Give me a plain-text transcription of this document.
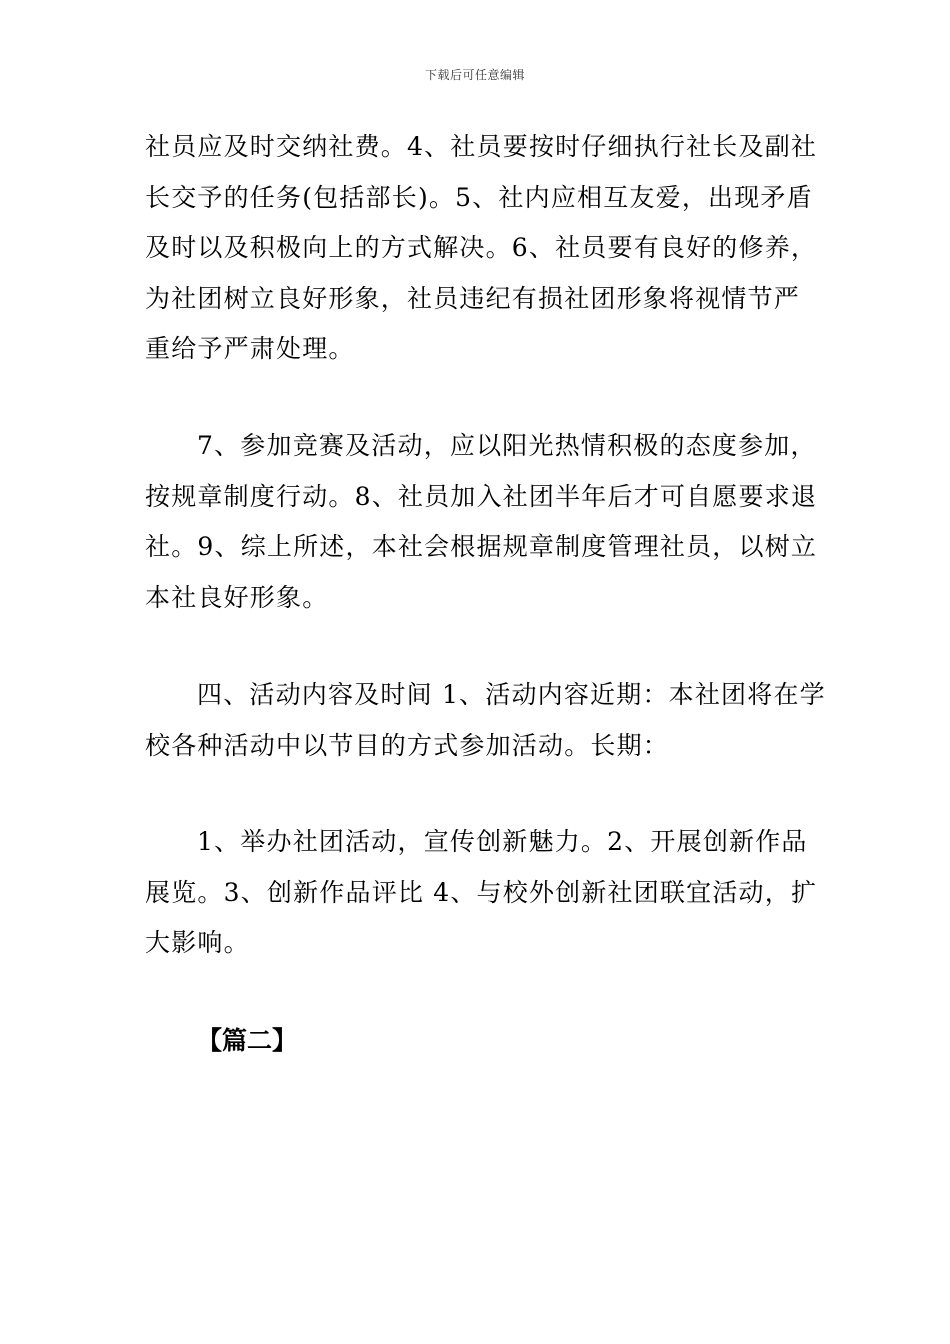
下载后可任意编辑

社员应及时交纳社费。4、社员要按时仔细执行社长及副社
长交予的任务(包括部长)。5、社内应相互友爱，出现矛盾
及时以及积极向上的方式解决。6、社员要有良好的修养，
为社团树立良好形象，社员违纪有损社团形象将视情节严
重给予严肃处理。

7、参加竞赛及活动，应以阳光热情积极的态度参加，
按规章制度行动。8、社员加入社团半年后才可自愿要求退
社。9、综上所述，本社会根据规章制度管理社员，以树立
本社良好形象。

四、活动内容及时间 1、活动内容近期：本社团将在学
校各种活动中以节目的方式参加活动。长期：

1、举办社团活动，宣传创新魅力。2、开展创新作品
展览。3、创新作品评比 4、与校外创新社团联宜活动，扩
大影响。

【篇二】
